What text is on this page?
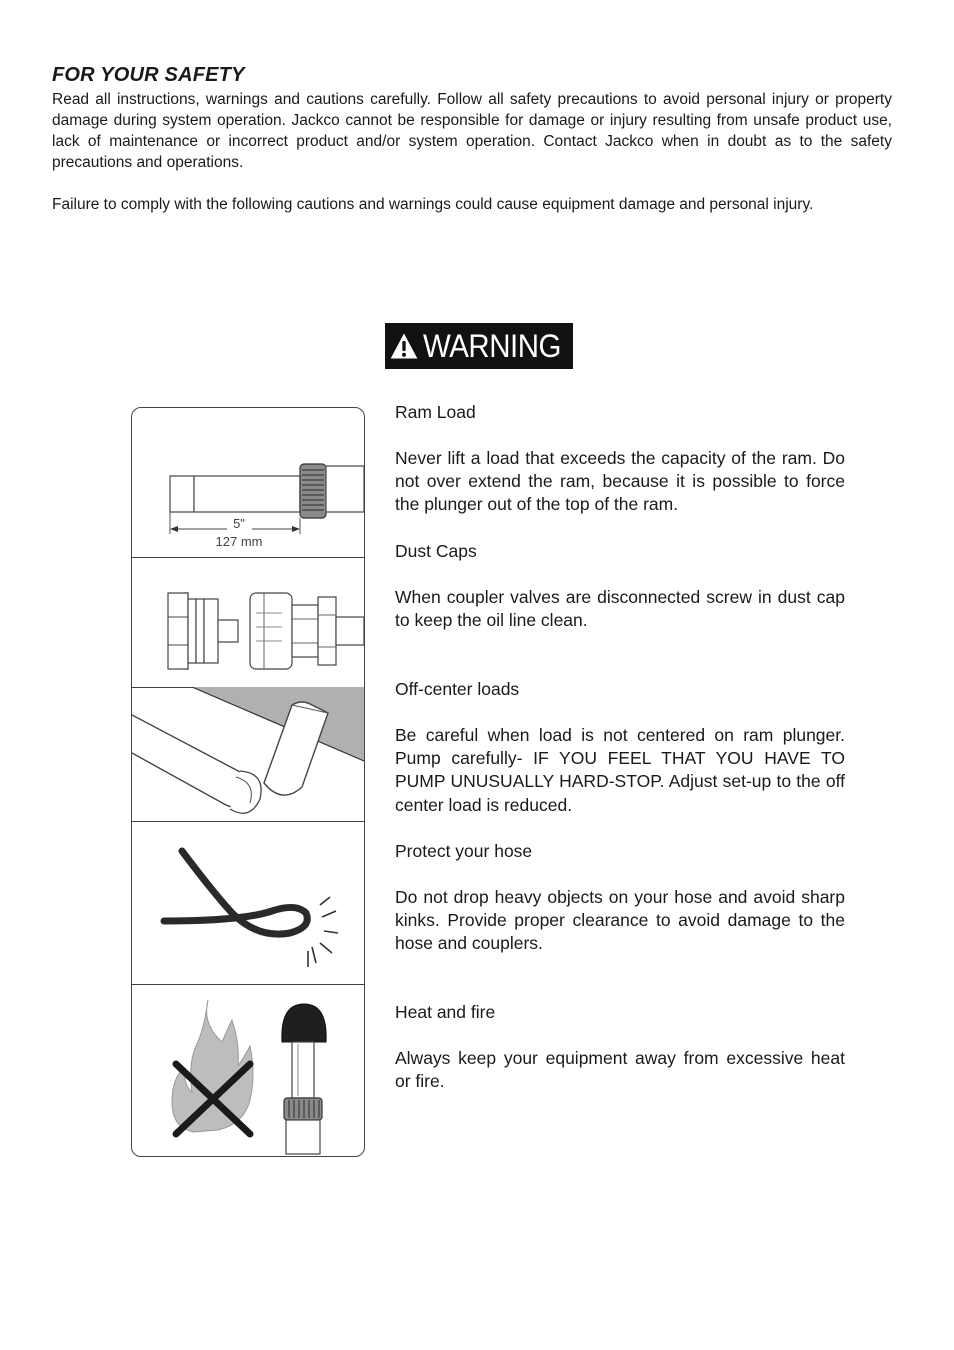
FOR YOUR SAFETY

Read all instructions, warnings and cautions carefully. Follow all safety precautions to avoid personal injury or property damage during system operation. Jackco cannot be responsible for damage or injury resulting from unsafe product use, lack of maintenance or incorrect product and/or system operation. Contact Jackco when in doubt as to the safety precautions and operations.

Failure to comply with the following cautions and warnings could cause equipment damage and personal injury.

WARNING
5"
127 mm

Ram Load

Never lift a load that exceeds the capacity of the ram. Do not over extend the ram, because it is possible to force the plunger out of the top of the ram.

Dust Caps

When coupler valves are disconnected screw in dust cap to keep the oil line clean.

Off-center loads

Be careful when load is not centered on ram plunger. Pump carefully- IF YOU FEEL THAT YOU HAVE TO PUMP UNUSUALLY HARD-STOP. Adjust set-up to the off center load is reduced.

Protect your hose

Do not drop heavy objects on your hose and avoid sharp kinks. Provide proper clearance to avoid damage to the hose and couplers.

Heat and fire

Always keep your equipment away from excessive heat or fire.
